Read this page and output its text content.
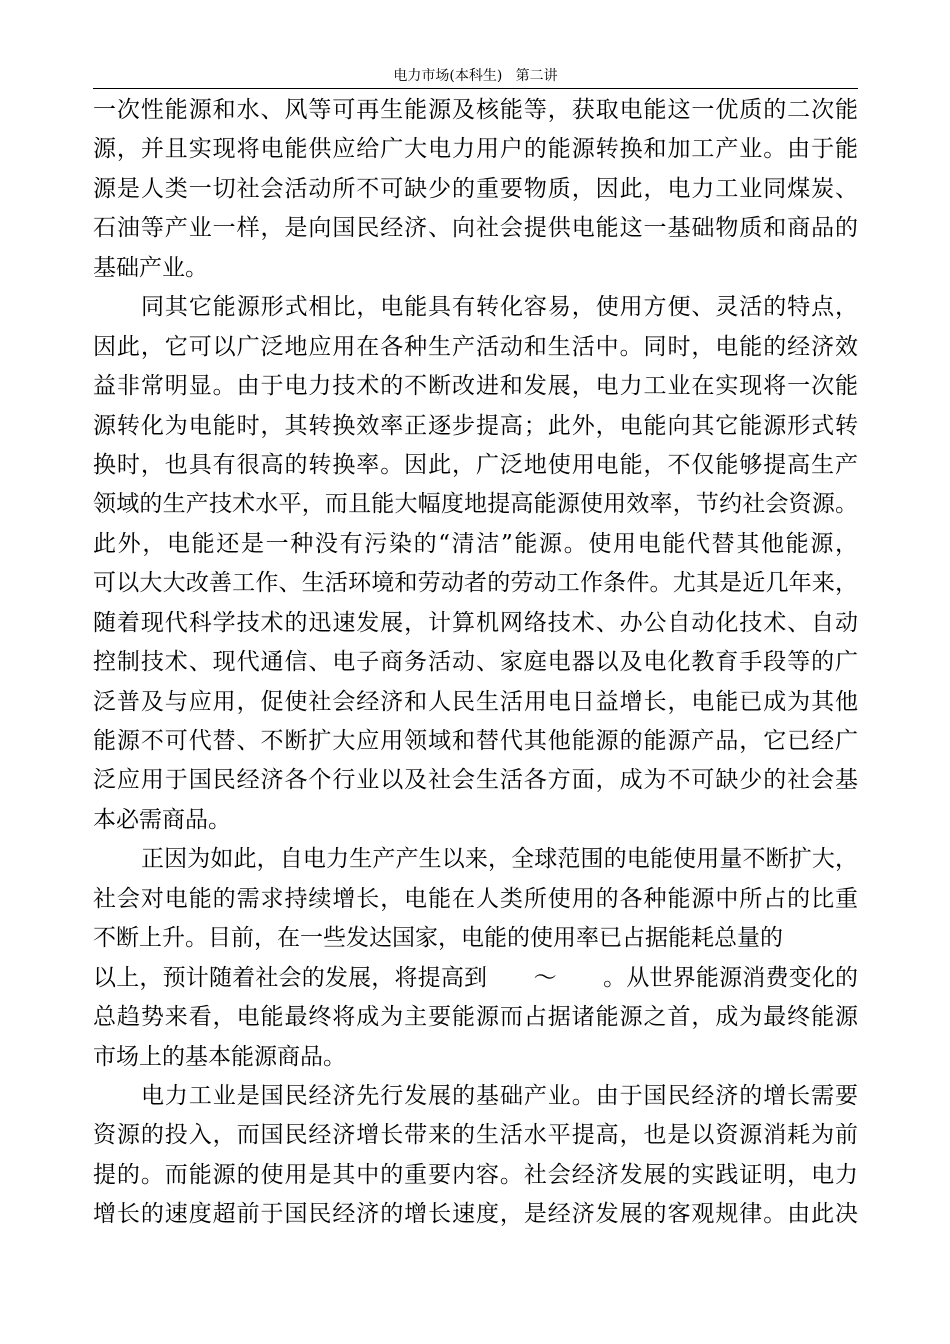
电力市场(本科生)   第二讲
一次性能源和水、风等可再生能源及核能等，获取电能这一优质的二次能
源，并且实现将电能供应给广大电力用户的能源转换和加工产业。由于能
源是人类一切社会活动所不可缺少的重要物质，因此，电力工业同煤炭、
石油等产业一样，是向国民经济、向社会提供电能这一基础物质和商品的
基础产业。
同其它能源形式相比，电能具有转化容易，使用方便、灵活的特点，
因此，它可以广泛地应用在各种生产活动和生活中。同时，电能的经济效
益非常明显。由于电力技术的不断改进和发展，电力工业在实现将一次能
源转化为电能时，其转换效率正逐步提高；此外，电能向其它能源形式转
换时，也具有很高的转换率。因此，广泛地使用电能，不仅能够提高生产
领域的生产技术水平，而且能大幅度地提高能源使用效率，节约社会资源。
此外，电能还是一种没有污染的“清洁”能源。使用电能代替其他能源，
可以大大改善工作、生活环境和劳动者的劳动工作条件。尤其是近几年来，
随着现代科学技术的迅速发展，计算机网络技术、办公自动化技术、自动
控制技术、现代通信、电子商务活动、家庭电器以及电化教育手段等的广
泛普及与应用，促使社会经济和人民生活用电日益增长，电能已成为其他
能源不可代替、不断扩大应用领域和替代其他能源的能源产品，它已经广
泛应用于国民经济各个行业以及社会生活各方面，成为不可缺少的社会基
本必需商品。
正因为如此，自电力生产产生以来，全球范围的电能使用量不断扩大，
社会对电能的需求持续增长，电能在人类所使用的各种能源中所占的比重
不断上升。目前，在一些发达国家，电能的使用率已占据能耗总量的
以上，预计随着社会的发展，将提高到　　～　　。从世界能源消费变化的
总趋势来看，电能最终将成为主要能源而占据诸能源之首，成为最终能源
市场上的基本能源商品。
电力工业是国民经济先行发展的基础产业。由于国民经济的增长需要
资源的投入，而国民经济增长带来的生活水平提高，也是以资源消耗为前
提的。而能源的使用是其中的重要内容。社会经济发展的实践证明，电力
增长的速度超前于国民经济的增长速度，是经济发展的客观规律。由此决
